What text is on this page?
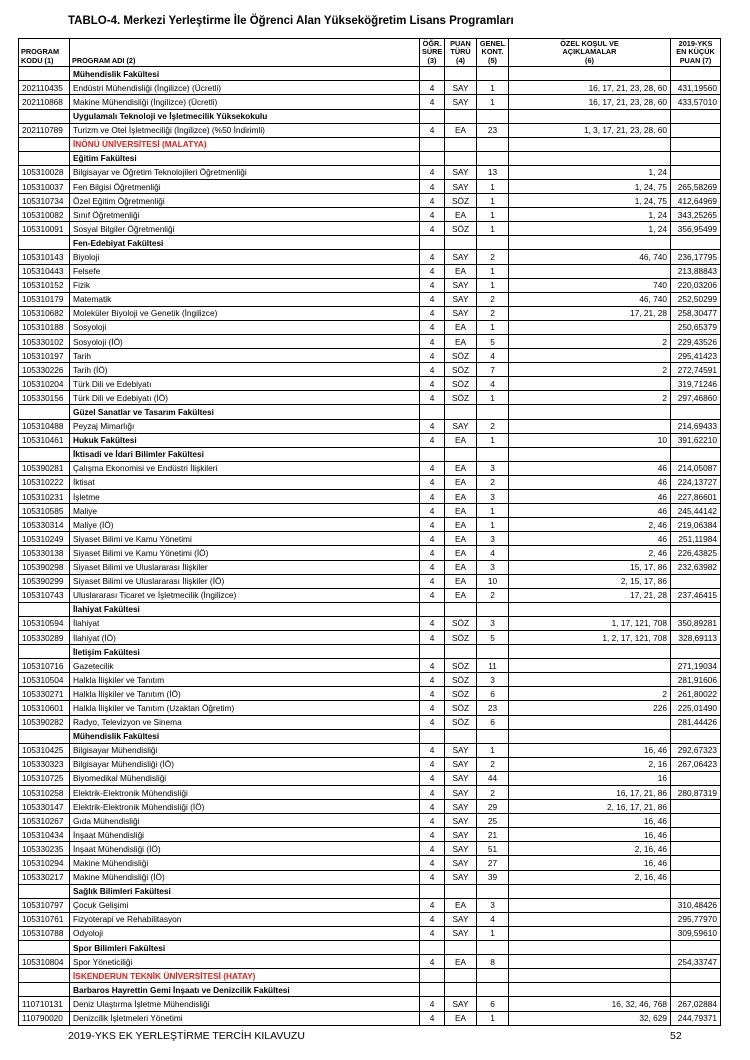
TABLO-4. Merkezi Yerleştirme İle Öğrenci Alan Yükseköğretim Lisans Programları
PROGRAM
KODU (1)	PROGRAM ADI (2)	ÖĞR.
SÜRE
(3)	PUAN
TÜRÜ
(4)	GENEL
KONT.
(5)	ÖZEL KOŞUL VE
AÇIKLAMALAR
(6)	2019-YKS
EN KÜÇÜK
PUAN (7)
	Mühendislik Fakültesi					
202110435	Endüstri Mühendisliği (İngilizce) (Ücretli)	4	SAY	1	16, 17, 21, 23, 28, 60	431,19560
202110868	Makine Mühendisliği (İngilizce) (Ücretli)	4	SAY	1	16, 17, 21, 23, 28, 60	433,57010
	Uygulamalı Teknoloji ve İşletmecilik Yüksekokulu					
202110789	Turizm ve Otel İşletmeciliği (İngilizce) (%50 İndirimli)	4	EA	23	1, 3, 17, 21, 23, 28, 60	
	İNÖNÜ ÜNİVERSİTESİ (MALATYA)					
	Eğitim Fakültesi					
105310028	Bilgisayar ve Öğretim Teknolojileri Öğretmenliği	4	SAY	13	1, 24	
105310037	Fen Bilgisi Öğretmenliği	4	SAY	1	1, 24, 75	265,58269
105310734	Özel Eğitim Öğretmenliği	4	SÖZ	1	1, 24, 75	412,64969
105310082	Sınıf Öğretmenliği	4	EA	1	1, 24	343,25265
105310091	Sosyal Bilgiler Öğretmenliği	4	SÖZ	1	1, 24	356,95499
	Fen-Edebiyat Fakültesi					
105310143	Biyoloji	4	SAY	2	46, 740	236,17795
105310443	Felsefe	4	EA	1		213,88843
105310152	Fizik	4	SAY	1	740	220,03206
105310179	Matematik	4	SAY	2	46, 740	252,50299
105310682	Moleküler Biyoloji ve Genetik (İngilizce)	4	SAY	2	17, 21, 28	258,30477
105310188	Sosyoloji	4	EA	1		250,65379
105330102	Sosyoloji (İÖ)	4	EA	5	2	229,43526
105310197	Tarih	4	SÖZ	4		295,41423
105330226	Tarih (İÖ)	4	SÖZ	7	2	272,74591
105310204	Türk Dili ve Edebiyatı	4	SÖZ	4		319,71246
105330156	Türk Dili ve Edebiyatı (İÖ)	4	SÖZ	1	2	297,46860
	Güzel Sanatlar ve Tasarım Fakültesi					
105310488	Peyzaj Mimarlığı	4	SAY	2		214,69433
105310461	Hukuk Fakültesi	4	EA	1	10	391,62210
	İktisadi ve İdari Bilimler Fakültesi					
105390281	Çalışma Ekonomisi ve Endüstri İlişkileri	4	EA	3	46	214,05087
105310222	İktisat	4	EA	2	46	224,13727
105310231	İşletme	4	EA	3	46	227,86601
105310585	Maliye	4	EA	1	46	245,44142
105330314	Maliye (İÖ)	4	EA	1	2, 46	219,06384
105310249	Siyaset Bilimi ve Kamu Yönetimi	4	EA	3	46	251,11984
105330138	Siyaset Bilimi ve Kamu Yönetimi (İÖ)	4	EA	4	2, 46	226,43825
105390298	Siyaset Bilimi ve Uluslararası İlişkiler	4	EA	3	15, 17, 86	232,63982
105390299	Siyaset Bilimi ve Uluslararası İlişkiler (İÖ)	4	EA	10	2, 15, 17, 86	
105310743	Uluslararası Ticaret ve İşletmecilik (İngilizce)	4	EA	2	17, 21, 28	237,46415
	İlahiyat Fakültesi					
105310594	İlahiyat	4	SÖZ	3	1, 17, 121, 708	350,89281
105330289	İlahiyat (İÖ)	4	SÖZ	5	1, 2, 17, 121, 708	328,69113
	İletişim Fakültesi					
105310716	Gazetecilik	4	SÖZ	11		271,19034
105310504	Halkla İlişkiler ve Tanıtım	4	SÖZ	3		281,91606
105330271	Halkla İlişkiler ve Tanıtım (İÖ)	4	SÖZ	6	2	261,80022
105310601	Halkla İlişkiler ve Tanıtım (Uzaktan Öğretim)	4	SÖZ	23	226	225,01490
105390282	Radyo, Televizyon ve Sinema	4	SÖZ	6		281,44426
	Mühendislik Fakültesi					
105310425	Bilgisayar Mühendisliği	4	SAY	1	16, 46	292,67323
105330323	Bilgisayar Mühendisliği (İÖ)	4	SAY	2	2, 16	267,06423
105310725	Biyomedikal Mühendisliği	4	SAY	44	16	
105310258	Elektrik-Elektronik Mühendisliği	4	SAY	2	16, 17, 21, 86	280,87319
105330147	Elektrik-Elektronik Mühendisliği (İÖ)	4	SAY	29	2, 16, 17, 21, 86	
105310267	Gıda Mühendisliği	4	SAY	25	16, 46	
105310434	İnşaat Mühendisliği	4	SAY	21	16, 46	
105330235	İnşaat Mühendisliği (İÖ)	4	SAY	51	2, 16, 46	
105310294	Makine Mühendisliği	4	SAY	27	16, 46	
105330217	Makine Mühendisliği (İÖ)	4	SAY	39	2, 16, 46	
	Sağlık Bilimleri Fakültesi					
105310797	Çocuk Gelişimi	4	EA	3		310,48426
105310761	Fizyoterapi ve Rehabilitasyon	4	SAY	4		295,77970
105310788	Odyoloji	4	SAY	1		309,59610
	Spor Bilimleri Fakültesi					
105310804	Spor Yöneticiliği	4	EA	8		254,33747
	İSKENDERUN TEKNİK ÜNİVERSİTESİ (HATAY)					
	Barbaros Hayrettin Gemi İnşaatı ve Denizcilik Fakültesi					
110710131	Deniz Ulaştırma İşletme Mühendisliği	4	SAY	6	16, 32, 46, 768	267,02884
110790020	Denizcilik İşletmeleri Yönetimi	4	EA	1	32, 629	244,79371
2019-YKS EK YERLEŞTİRME TERCİH KILAVUZU	52
